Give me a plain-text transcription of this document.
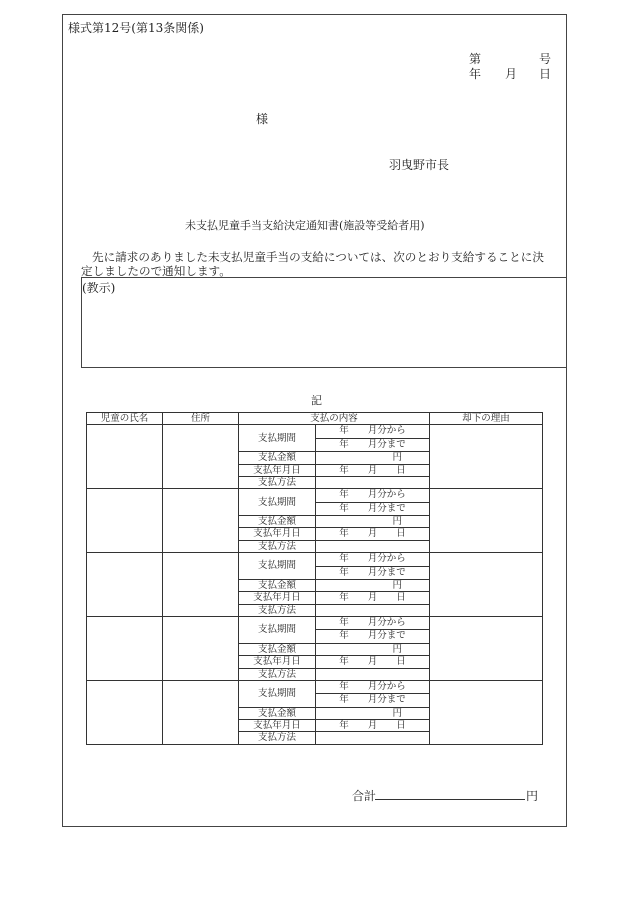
様式第12号(第13条関係)
第	号
年 月 日
様
羽曳野市長
未支払児童手当支給決定通知書(施設等受給者用)
先に請求のありました未支払児童手当の支給については、次のとおり支給することに決
定しましたので通知します。
(教示)
記
児童の氏名	住所	支払の内容		却下の理由
		支払期間	年　　月分から	
			年　　月分まで	
		支払金額	円	
		支払年月日	年　　月　　日	
		支払方法		
		支払期間	年　　月分から	
			年　　月分まで	
		支払金額	円	
		支払年月日	年　　月　　日	
		支払方法		
		支払期間	年　　月分から	
			年　　月分まで	
		支払金額	円	
		支払年月日	年　　月　　日	
		支払方法		
		支払期間	年　　月分から	
			年　　月分まで	
		支払金額	円	
		支払年月日	年　　月　　日	
		支払方法		
		支払期間	年　　月分から	
			年　　月分まで	
		支払金額	円	
		支払年月日	年　　月　　日	
		支払方法		
合計	円
